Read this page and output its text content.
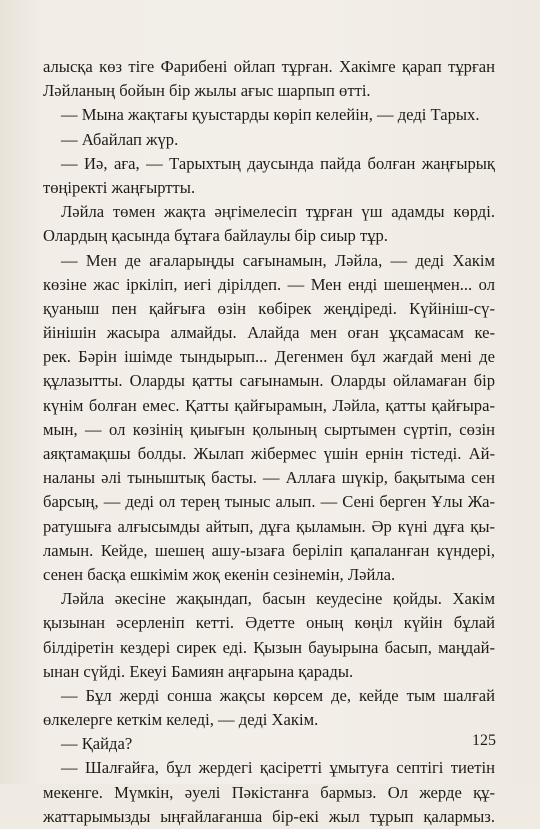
алысқа көз тіге Фарибені ойлап тұрған. Хакімге қарап тұрған
Ләйланың бойын бір жылы ағыс шарпып өтті.
— Мына жақтағы қуыстарды көріп келейін, — деді Тарых.
— Абайлап жүр.
— Иә, аға, — Тарыхтың даусында пайда болған жаңғырық
төңіректі жаңғыртты.
Ләйла төмен жақта әңгімелесіп тұрған үш адамды көрді.
Олардың қасында бұтаға байлаулы бір сиыр тұр.
— Мен де ағаларыңды сағынамын, Ләйла, — деді Хакім
көзіне жас іркіліп, иегі дірілдеп. — Мен енді шешеңмен... ол
қуаныш пен қайғыға өзін көбірек жеңдіреді. Күйініш-сү-
йінішін жасыра алмайды. Алайда мен оған ұқсамасам ке-
рек. Бәрін ішімде тындырып... Дегенмен бұл жағдай мені де
құлазытты. Оларды қатты сағынамын. Оларды ойламаған бір
күнім болған емес. Қатты қайғырамын, Ләйла, қатты қайғыра-
мын, — ол көзінің қиығын қолының сыртымен сүртіп, сөзін
аяқтамақшы болды. Жылап жібермес үшін ернін тістеді. Ай-
наланы әлі тыныштық басты. — Аллаға шүкір, бақытыма сен
барсың, — деді ол терең тыныс алып. — Сені берген Ұлы Жа-
ратушыға алғысымды айтып, дұға қыламын. Әр күні дұға қы-
ламын. Кейде, шешең ашу-ызаға беріліп қапаланған күндері,
сенен басқа ешкімім жоқ екенін сезінемін, Ләйла.
Ләйла әкесіне жақындап, басын кеудесіне қойды. Хакім
қызынан әсерленіп кетті. Әдетте оның көңіл күйін бұлай
білдіретін кездері сирек еді. Қызын бауырына басып, маңдай-
ынан сүйді. Екеуі Бамиян аңғарына қарады.
— Бұл жерді сонша жақсы көрсем де, кейде тым шалғай
өлкелерге кеткім келеді, — деді Хакім.
— Қайда?
— Шалғайға, бұл жердегі қасіретті ұмытуға септігі тиетін
мекенге. Мүмкін, әуелі Пәкістанға бармыз. Ол жерде құ-
жаттарымызды ыңғайлағанша бір-екі жыл тұрып қалармыз.
125
